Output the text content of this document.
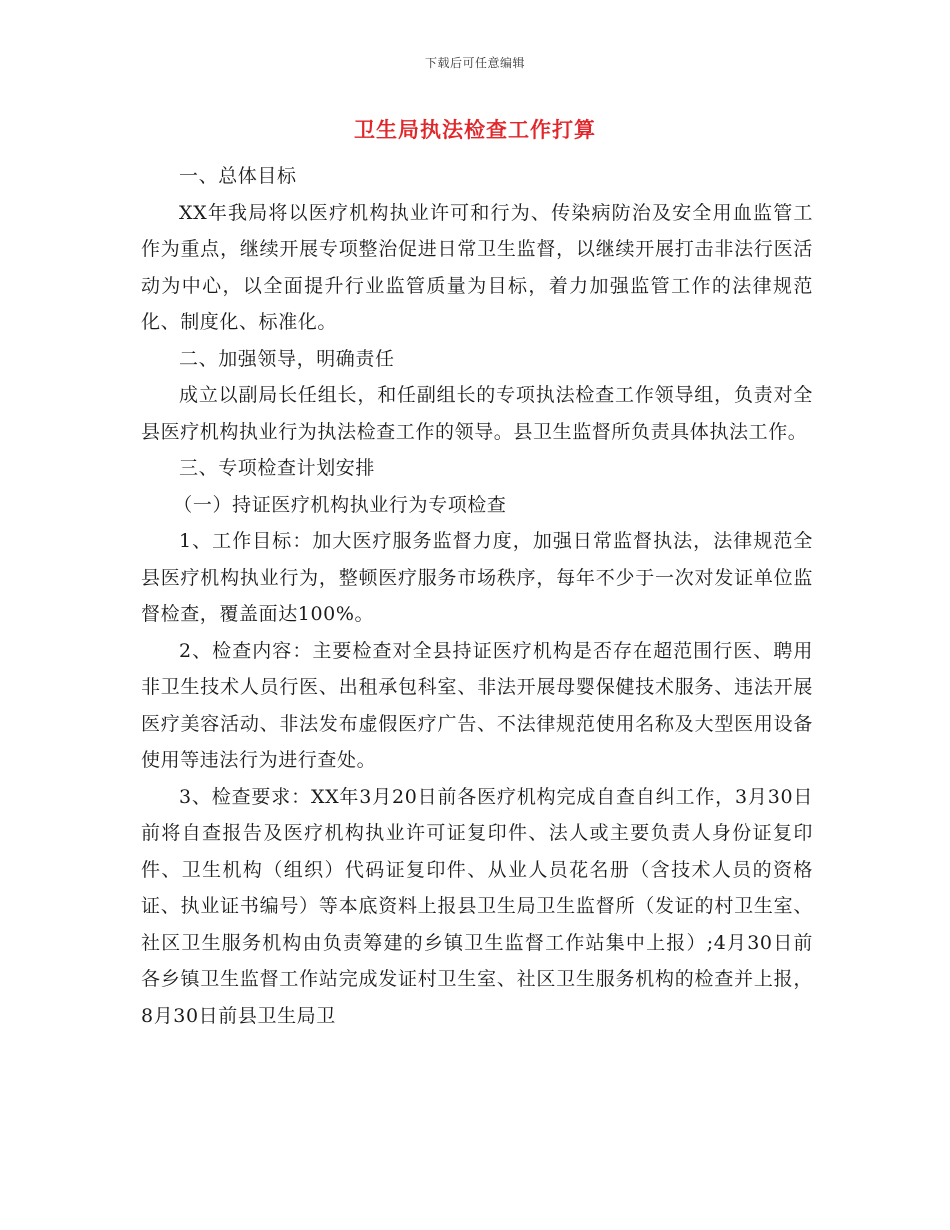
下载后可任意编辑
卫生局执法检查工作打算

一、总体目标

XX年我局将以医疗机构执业许可和行为、传染病防治及安全用血监管工作为重点，继续开展专项整治促进日常卫生监督，以继续开展打击非法行医活动为中心，以全面提升行业监管质量为目标，着力加强监管工作的法律规范化、制度化、标准化。

二、加强领导，明确责任

成立以副局长任组长，和任副组长的专项执法检查工作领导组，负责对全县医疗机构执业行为执法检查工作的领导。县卫生监督所负责具体执法工作。

三、专项检查计划安排

（一）持证医疗机构执业行为专项检查

1、工作目标：加大医疗服务监督力度，加强日常监督执法，法律规范全县医疗机构执业行为，整顿医疗服务市场秩序，每年不少于一次对发证单位监督检查，覆盖面达100%。

2、检查内容：主要检查对全县持证医疗机构是否存在超范围行医、聘用非卫生技术人员行医、出租承包科室、非法开展母婴保健技术服务、违法开展医疗美容活动、非法发布虚假医疗广告、不法律规范使用名称及大型医用设备使用等违法行为进行查处。

3、检查要求：XX年3月20日前各医疗机构完成自查自纠工作，3月30日前将自查报告及医疗机构执业许可证复印件、法人或主要负责人身份证复印件、卫生机构（组织）代码证复印件、从业人员花名册（含技术人员的资格证、执业证书编号）等本底资料上报县卫生局卫生监督所（发证的村卫生室、社区卫生服务机构由负责筹建的乡镇卫生监督工作站集中上报）;4月30日前各乡镇卫生监督工作站完成发证村卫生室、社区卫生服务机构的检查并上报，8月30日前县卫生局卫
